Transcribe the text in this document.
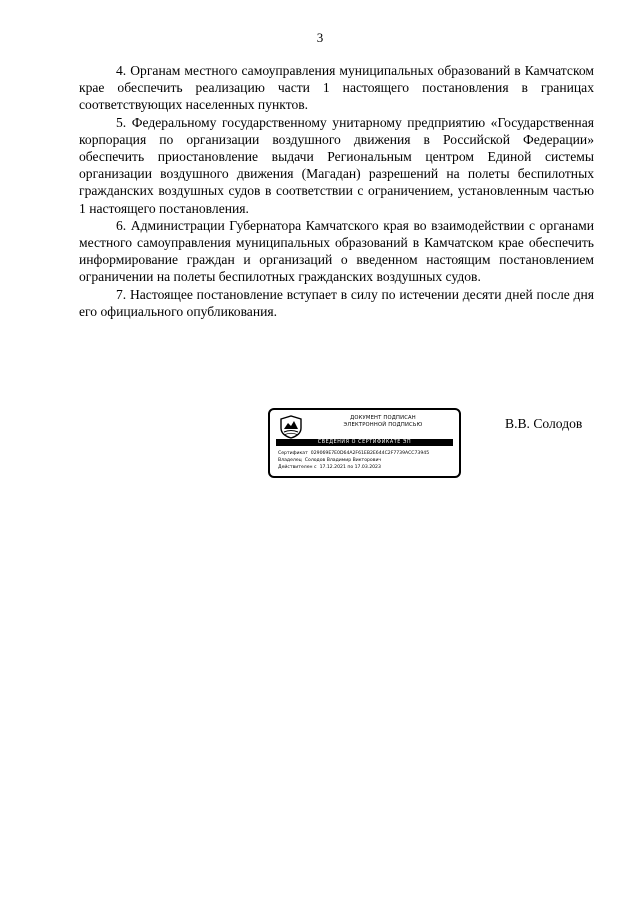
3

4. Органам местного самоуправления муниципальных образований в Камчатском крае обеспечить реализацию части 1 настоящего постановления в границах соответствующих населенных пунктов.

5. Федеральному государственному унитарному предприятию «Государственная корпорация по организации воздушного движения в Российской Федерации» обеспечить приостановление выдачи Региональным центром Единой системы организации воздушного движения (Магадан) разрешений на полеты беспилотных гражданских воздушных судов в соответствии с ограничением, установленным частью 1 настоящего постановления.

6. Администрации Губернатора Камчатского края во взаимодействии с органами местного самоуправления муниципальных образований в Камчатском крае обеспечить информирование граждан и организаций о введенном настоящим постановлением ограничении на полеты беспилотных гражданских воздушных судов.

7. Настоящее постановление вступает в силу по истечении десяти дней после дня его официального опубликования.

ДОКУМЕНТ ПОДПИСАН
ЭЛЕКТРОННОЙ ПОДПИСЬЮ
СВЕДЕНИЯ О СЕРТИФИКАТЕ ЭП
Сертификат 029069E7E0D64A2F61EB2E644C2F7739ACC73945
Владелец Солодов Владимир Викторович
Действителен с 17.12.2021 по 17.03.2023
В.В. Солодов
